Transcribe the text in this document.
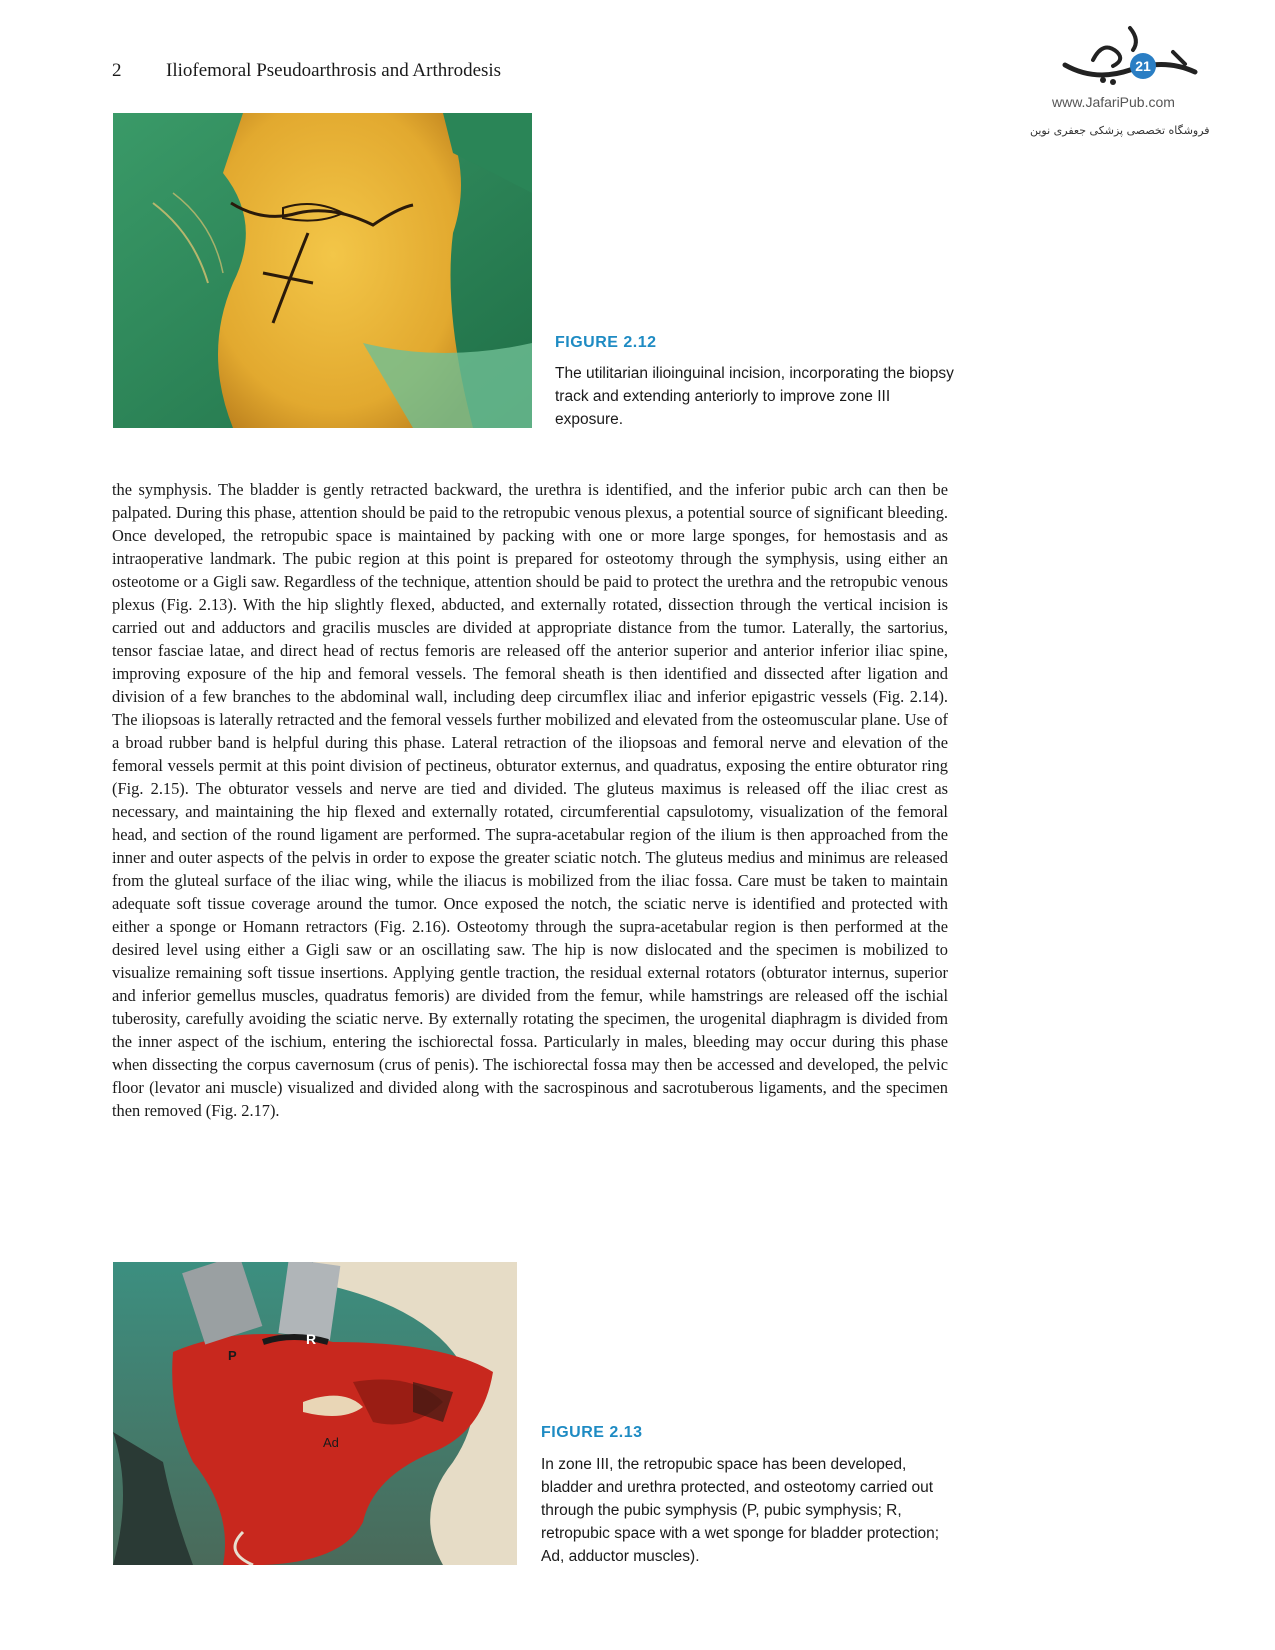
2 Iliofemoral Pseudoarthrosis and Arthrodesis	21
www.JafariPub.com
فروشگاه تخصصی پزشکی جعفری نوین
FIGURE 2.12
The utilitarian ilioinguinal incision, incorporating the biopsy track and extending anteriorly to improve zone III exposure.
the symphysis. The bladder is gently retracted backward, the urethra is identified, and the inferior pubic arch can then be palpated. During this phase, attention should be paid to the retropubic venous plexus, a potential source of significant bleeding. Once developed, the retropubic space is maintained by packing with one or more large sponges, for hemostasis and as intraoperative landmark. The pubic region at this point is prepared for osteotomy through the symphysis, using either an osteotome or a Gigli saw. Regardless of the technique, attention should be paid to protect the urethra and the retropubic venous plexus (Fig. 2.13). With the hip slightly flexed, abducted, and externally rotated, dissection through the vertical incision is carried out and adductors and gracilis muscles are divided at appropriate distance from the tumor. Laterally, the sartorius, tensor fasciae latae, and direct head of rectus femoris are released off the anterior superior and anterior inferior iliac spine, improving exposure of the hip and femoral vessels. The femoral sheath is then identified and dissected after ligation and division of a few branches to the abdominal wall, including deep circumflex iliac and inferior epigastric vessels (Fig. 2.14). The iliopsoas is laterally retracted and the femoral vessels further mobilized and elevated from the osteomuscular plane. Use of a broad rubber band is helpful during this phase. Lateral retraction of the iliopsoas and femoral nerve and elevation of the femoral vessels permit at this point division of pectineus, obturator externus, and quadratus, exposing the entire obturator ring (Fig. 2.15). The obturator vessels and nerve are tied and divided. The gluteus maximus is released off the iliac crest as necessary, and maintaining the hip flexed and externally rotated, circumferential capsulotomy, visualization of the femoral head, and section of the round ligament are performed. The supra-acetabular region of the ilium is then approached from the inner and outer aspects of the pelvis in order to expose the greater sciatic notch. The gluteus medius and minimus are released from the gluteal surface of the iliac wing, while the iliacus is mobilized from the iliac fossa. Care must be taken to maintain adequate soft tissue coverage around the tumor. Once exposed the notch, the sciatic nerve is identified and protected with either a sponge or Homann retractors (Fig. 2.16). Osteotomy through the supra-acetabular region is then performed at the desired level using either a Gigli saw or an oscillating saw. The hip is now dislocated and the specimen is mobilized to visualize remaining soft tissue insertions. Applying gentle traction, the residual external rotators (obturator internus, superior and inferior gemellus muscles, quadratus femoris) are divided from the femur, while hamstrings are released off the ischial tuberosity, carefully avoiding the sciatic nerve. By externally rotating the specimen, the urogenital diaphragm is divided from the inner aspect of the ischium, entering the ischiorectal fossa. Particularly in males, bleeding may occur during this phase when dissecting the corpus cavernosum (crus of penis). The ischiorectal fossa may then be accessed and developed, the pelvic floor (levator ani muscle) visualized and divided along with the sacrospinous and sacrotuberous ligaments, and the specimen then removed (Fig. 2.17).
P
R
Ad
FIGURE 2.13
In zone III, the retropubic space has been developed, bladder and urethra protected, and osteotomy carried out through the pubic symphysis (P, pubic symphysis; R, retropubic space with a wet sponge for bladder protection; Ad, adductor muscles).
